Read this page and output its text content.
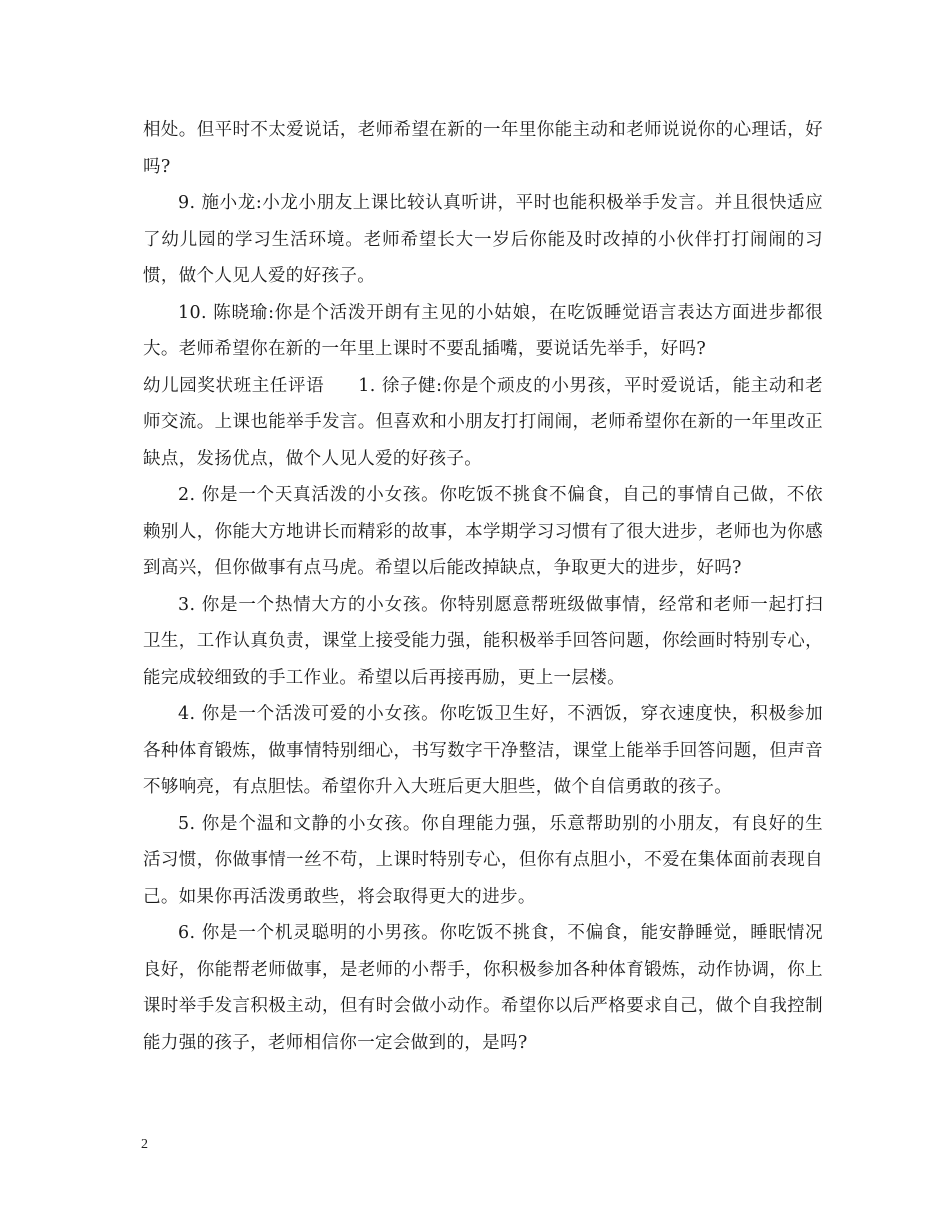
相处。但平时不太爱说话，老师希望在新的一年里你能主动和老师说说你的心理话，好吗?

9. 施小龙:小龙小朋友上课比较认真听讲，平时也能积极举手发言。并且很快适应了幼儿园的学习生活环境。老师希望长大一岁后你能及时改掉的小伙伴打打闹闹的习惯，做个人见人爱的好孩子。

10. 陈晓瑜:你是个活泼开朗有主见的小姑娘，在吃饭睡觉语言表达方面进步都很大。老师希望你在新的一年里上课时不要乱插嘴，要说话先举手，好吗?

幼儿园奖状班主任评语 1. 徐子健:你是个顽皮的小男孩，平时爱说话，能主动和老师交流。上课也能举手发言。但喜欢和小朋友打打闹闹，老师希望你在新的一年里改正缺点，发扬优点，做个人见人爱的好孩子。

2. 你是一个天真活泼的小女孩。你吃饭不挑食不偏食，自己的事情自己做，不依赖别人，你能大方地讲长而精彩的故事，本学期学习习惯有了很大进步，老师也为你感到高兴，但你做事有点马虎。希望以后能改掉缺点，争取更大的进步，好吗?

3. 你是一个热情大方的小女孩。你特别愿意帮班级做事情，经常和老师一起打扫卫生，工作认真负责，课堂上接受能力强，能积极举手回答问题，你绘画时特别专心，能完成较细致的手工作业。希望以后再接再励，更上一层楼。

4. 你是一个活泼可爱的小女孩。你吃饭卫生好，不洒饭，穿衣速度快，积极参加各种体育锻炼，做事情特别细心，书写数字干净整洁，课堂上能举手回答问题，但声音不够响亮，有点胆怯。希望你升入大班后更大胆些，做个自信勇敢的孩子。

5. 你是个温和文静的小女孩。你自理能力强，乐意帮助别的小朋友，有良好的生活习惯，你做事情一丝不苟，上课时特别专心，但你有点胆小，不爱在集体面前表现自己。如果你再活泼勇敢些，将会取得更大的进步。

6. 你是一个机灵聪明的小男孩。你吃饭不挑食，不偏食，能安静睡觉，睡眠情况良好，你能帮老师做事，是老师的小帮手，你积极参加各种体育锻炼，动作协调，你上课时举手发言积极主动，但有时会做小动作。希望你以后严格要求自己，做个自我控制能力强的孩子，老师相信你一定会做到的，是吗?

2
